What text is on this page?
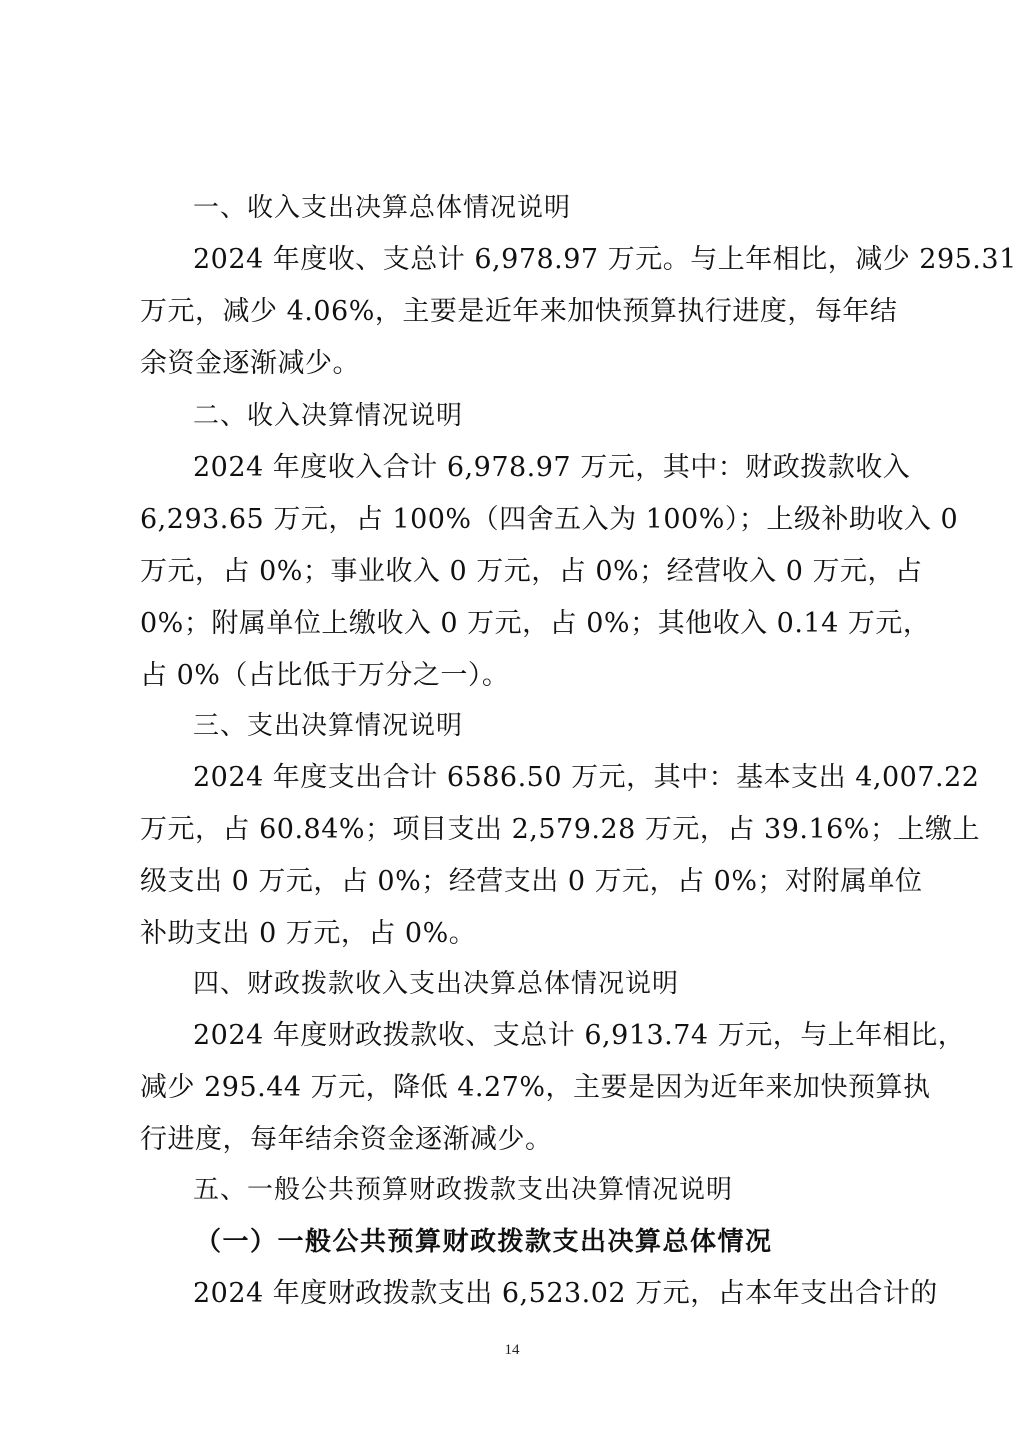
一、收入支出决算总体情况说明
2024 年度收、支总计 6,978.97 万元。与上年相比，减少 295.31
万元，减少 4.06%，主要是近年来加快预算执行进度，每年结
余资金逐渐减少。
二、收入决算情况说明
2024 年度收入合计 6,978.97 万元，其中：财政拨款收入
6,293.65 万元，占 100%（四舍五入为 100%）；上级补助收入 0
万元，占 0%；事业收入 0 万元，占 0%；经营收入 0 万元，占
0%；附属单位上缴收入 0 万元，占 0%；其他收入 0.14 万元，
占 0%（占比低于万分之一）。
三、支出决算情况说明
2024 年度支出合计 6586.50 万元，其中：基本支出 4,007.22
万元，占 60.84%；项目支出 2,579.28 万元，占 39.16%；上缴上
级支出 0 万元，占 0%；经营支出 0 万元，占 0%；对附属单位
补助支出 0 万元，占 0%。
四、财政拨款收入支出决算总体情况说明
2024 年度财政拨款收、支总计 6,913.74 万元，与上年相比，
减少 295.44 万元，降低 4.27%，主要是因为近年来加快预算执
行进度，每年结余资金逐渐减少。
五、一般公共预算财政拨款支出决算情况说明
（一）一般公共预算财政拨款支出决算总体情况
2024 年度财政拨款支出 6,523.02 万元，占本年支出合计的
14
